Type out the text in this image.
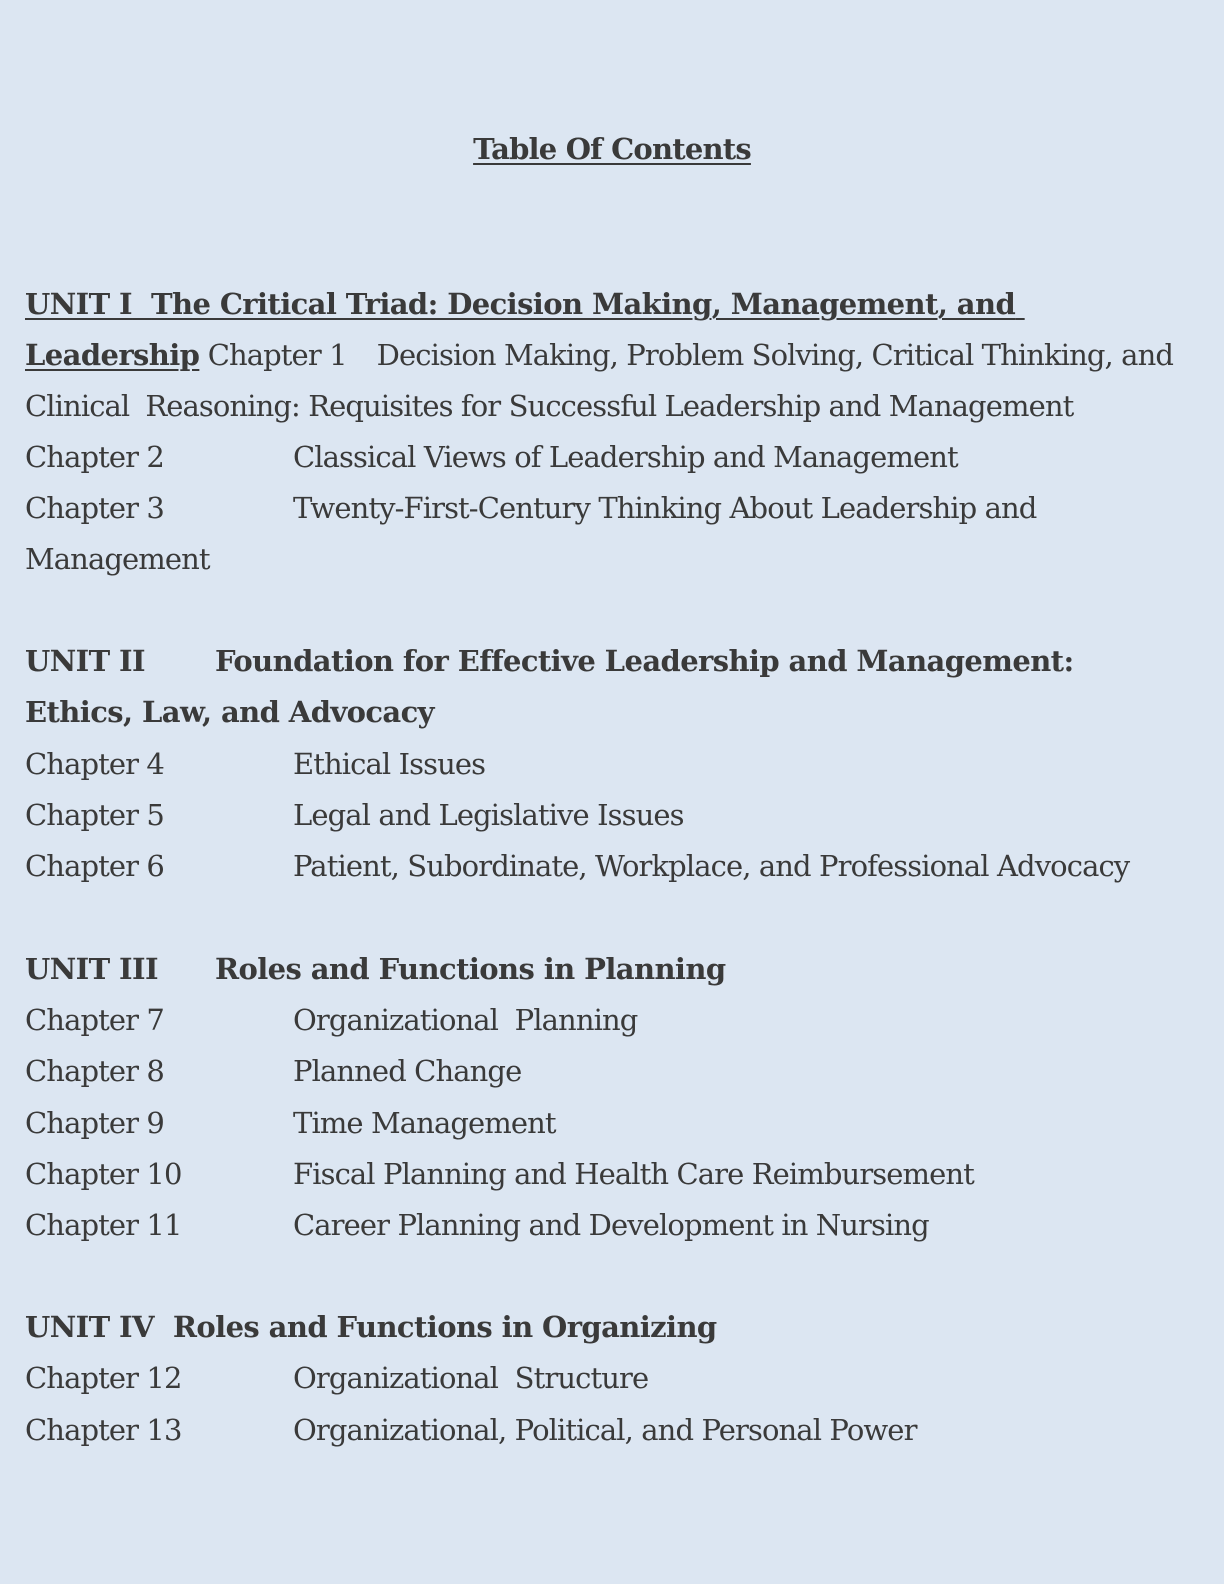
Table Of Contents
UNIT I The Critical Triad: Decision Making, Management, and
Leadership Chapter 1 Decision Making, Problem Solving, Critical Thinking, and
Clinical Reasoning: Requisites for Successful Leadership and Management
Chapter 2	Classical Views of Leadership and Management
Chapter 3	Twenty-First-Century Thinking About Leadership and
Management
UNIT II Foundation for Effective Leadership and Management:
Ethics, Law, and Advocacy
Chapter 4	Ethical Issues
Chapter 5	Legal and Legislative Issues
Chapter 6	Patient, Subordinate, Workplace, and Professional Advocacy
UNIT III Roles and Functions in Planning
Chapter 7	Organizational  Planning
Chapter 8	Planned Change
Chapter 9	Time Management
Chapter 10	Fiscal Planning and Health Care Reimbursement
Chapter 11	Career Planning and Development in Nursing
UNIT IV Roles and Functions in Organizing
Chapter 12	Organizational  Structure
Chapter 13	Organizational, Political, and Personal Power
